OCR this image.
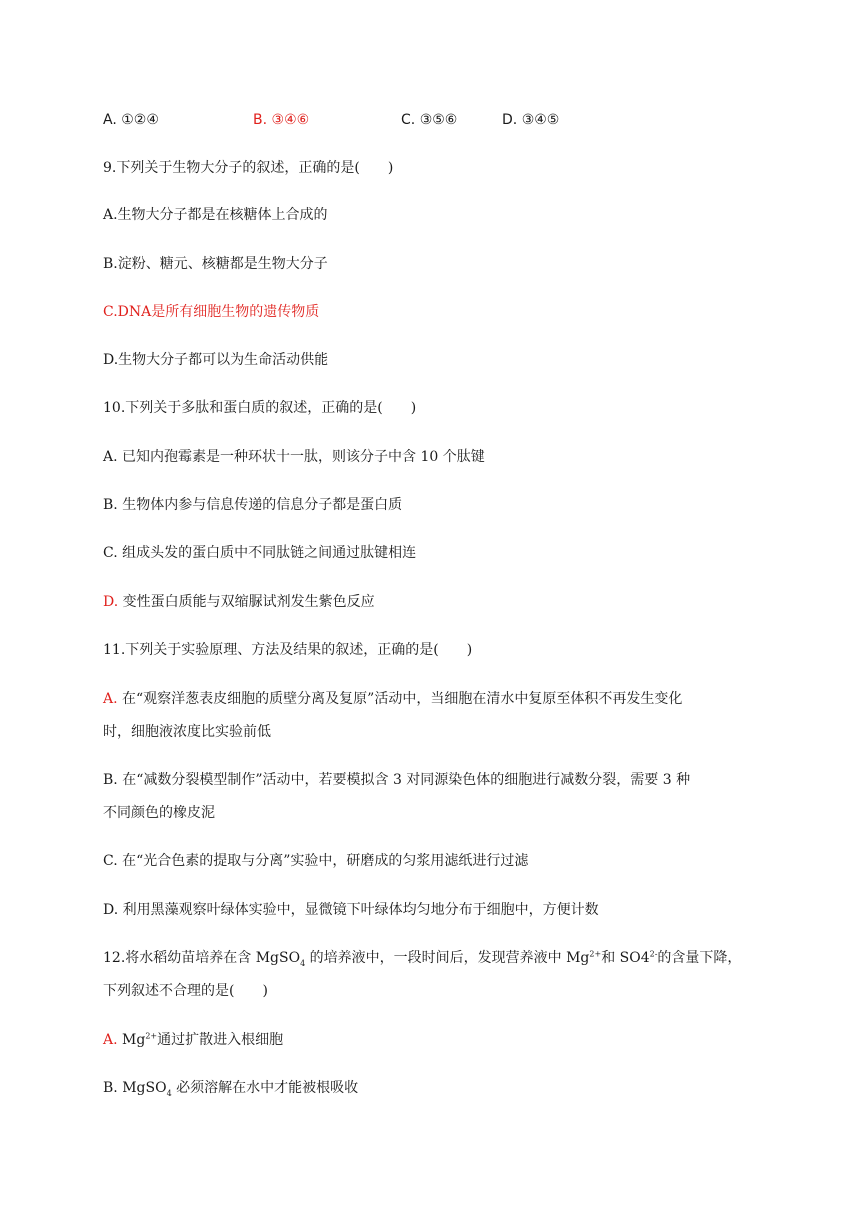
A. ①②④	B. ③④⑥	C. ③⑤⑥	D. ③④⑤
9.下列关于生物大分子的叙述，正确的是(　　)
A.生物大分子都是在核糖体上合成的
B.淀粉、糖元、核糖都是生物大分子
C.DNA是所有细胞生物的遗传物质
D.生物大分子都可以为生命活动供能
10.下列关于多肽和蛋白质的叙述，正确的是(　　)
A. 已知内孢霉素是一种环状十一肽，则该分子中含 10 个肽键
B. 生物体内参与信息传递的信息分子都是蛋白质
C. 组成头发的蛋白质中不同肽链之间通过肽键相连
D. 变性蛋白质能与双缩脲试剂发生紫色反应
11.下列关于实验原理、方法及结果的叙述，正确的是(　　)
A. 在“观察洋葱表皮细胞的质壁分离及复原”活动中，当细胞在清水中复原至体积不再发生变化
时，细胞液浓度比实验前低
B. 在“减数分裂模型制作”活动中，若要模拟含 3 对同源染色体的细胞进行减数分裂，需要 3 种
不同颜色的橡皮泥
C. 在“光合色素的提取与分离”实验中，研磨成的匀浆用滤纸进行过滤
D. 利用黑藻观察叶绿体实验中，显微镜下叶绿体均匀地分布于细胞中，方便计数
12.将水稻幼苗培养在含 MgSO$_4$ 的培养液中，一段时间后，发现营养液中 $Mg^{2+}$和 $SO4^{2-}$的含量下降，
下列叙述不合理的是(　　)
A. $Mg^{2+}$通过扩散进入根细胞
B. MgSO$_4$ 必须溶解在水中才能被根吸收
